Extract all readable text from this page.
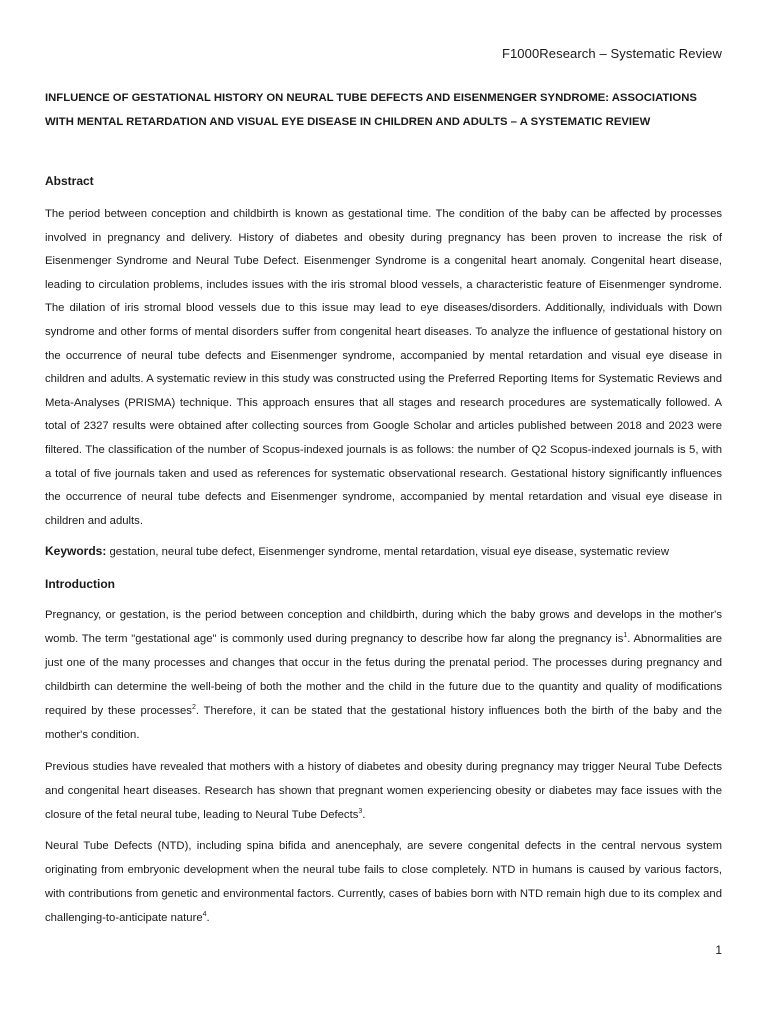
F1000Research – Systematic Review
INFLUENCE OF GESTATIONAL HISTORY ON NEURAL TUBE DEFECTS AND EISENMENGER SYNDROME: ASSOCIATIONS WITH MENTAL RETARDATION AND VISUAL EYE DISEASE IN CHILDREN AND ADULTS – A SYSTEMATIC REVIEW
Abstract

The period between conception and childbirth is known as gestational time. The condition of the baby can be affected by processes involved in pregnancy and delivery. History of diabetes and obesity during pregnancy has been proven to increase the risk of Eisenmenger Syndrome and Neural Tube Defect. Eisenmenger Syndrome is a congenital heart anomaly. Congenital heart disease, leading to circulation problems, includes issues with the iris stromal blood vessels, a characteristic feature of Eisenmenger syndrome. The dilation of iris stromal blood vessels due to this issue may lead to eye diseases/disorders. Additionally, individuals with Down syndrome and other forms of mental disorders suffer from congenital heart diseases. To analyze the influence of gestational history on the occurrence of neural tube defects and Eisenmenger syndrome, accompanied by mental retardation and visual eye disease in children and adults. A systematic review in this study was constructed using the Preferred Reporting Items for Systematic Reviews and Meta-Analyses (PRISMA) technique. This approach ensures that all stages and research procedures are systematically followed. A total of 2327 results were obtained after collecting sources from Google Scholar and articles published between 2018 and 2023 were filtered. The classification of the number of Scopus-indexed journals is as follows: the number of Q2 Scopus-indexed journals is 5, with a total of five journals taken and used as references for systematic observational research. Gestational history significantly influences the occurrence of neural tube defects and Eisenmenger syndrome, accompanied by mental retardation and visual eye disease in children and adults.

Keywords: gestation, neural tube defect, Eisenmenger syndrome, mental retardation, visual eye disease, systematic review

Introduction

Pregnancy, or gestation, is the period between conception and childbirth, during which the baby grows and develops in the mother's womb. The term "gestational age" is commonly used during pregnancy to describe how far along the pregnancy $is^1$. Abnormalities are just one of the many processes and changes that occur in the fetus during the prenatal period. The processes during pregnancy and childbirth can determine the well-being of both the mother and the child in the future due to the quantity and quality of modifications required by these processes$^2$. Therefore, it can be stated that the gestational history influences both the birth of the baby and the mother's condition.

Previous studies have revealed that mothers with a history of diabetes and obesity during pregnancy may trigger Neural Tube Defects and congenital heart diseases. Research has shown that pregnant women experiencing obesity or diabetes may face issues with the closure of the fetal neural tube, leading to Neural Tube Defects$^3$.

Neural Tube Defects (NTD), including spina bifida and anencephaly, are severe congenital defects in the central nervous system originating from embryonic development when the neural tube fails to close completely. NTD in humans is caused by various factors, with contributions from genetic and environmental factors. Currently, cases of babies born with NTD remain high due to its complex and challenging-to-anticipate nature$^4$.

1
